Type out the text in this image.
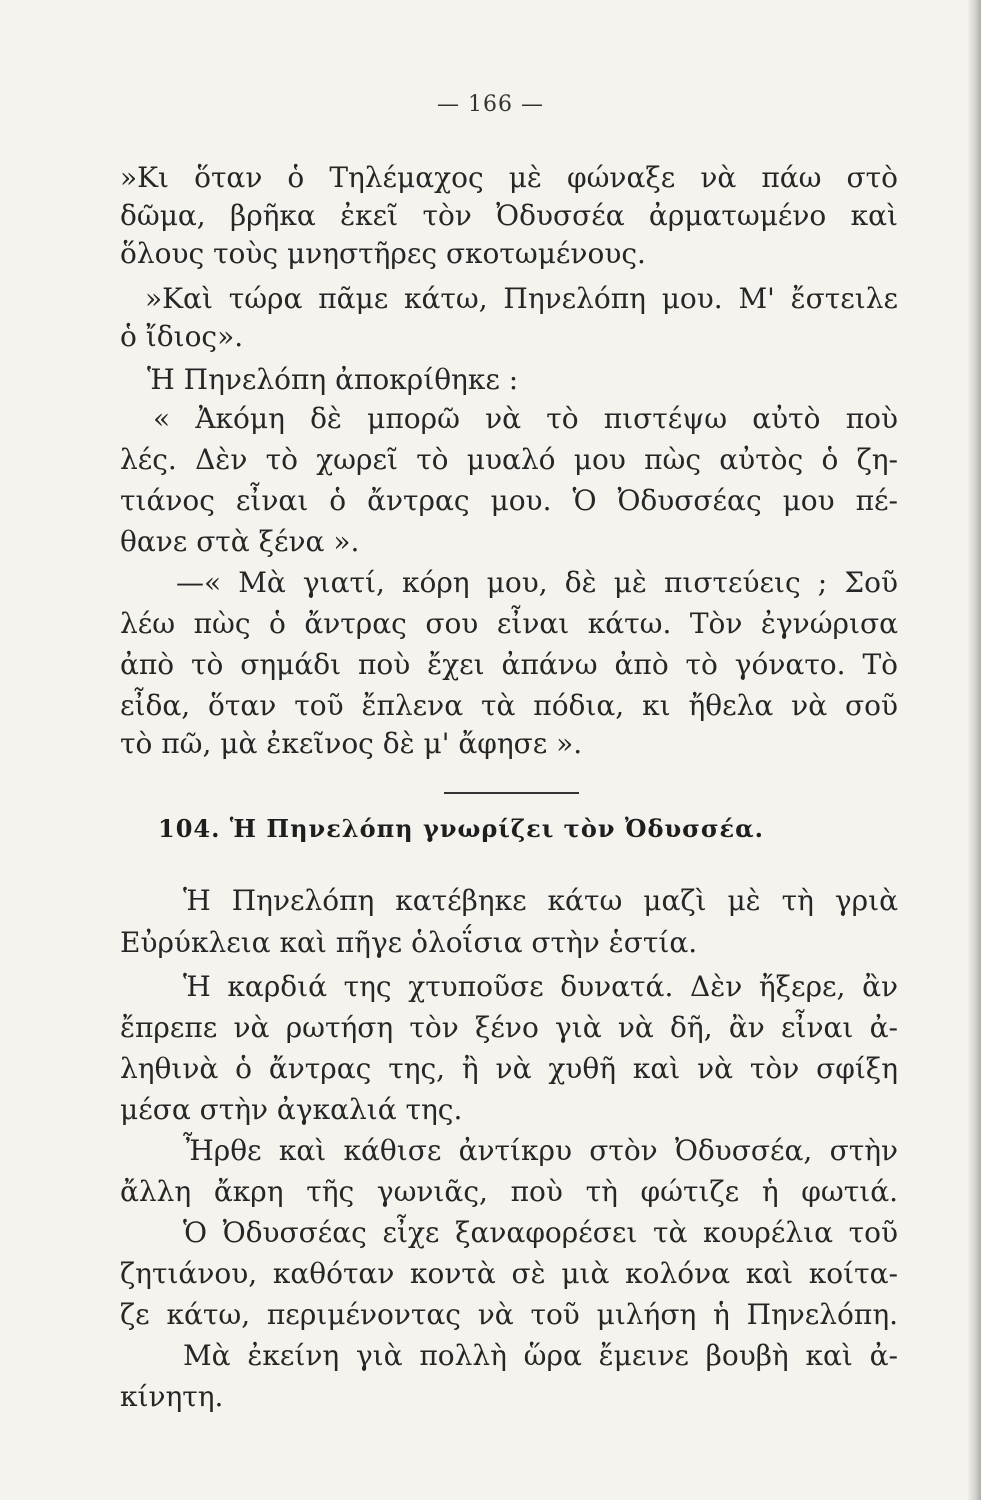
— 166 —
»Κι ὅταν ὁ Τηλέμαχος μὲ φώναξε νὰ πάω στὸ
δῶμα, βρῆκα ἐκεῖ τὸν Ὀδυσσέα ἀρματωμένο καὶ
ὅλους τοὺς μνηστῆρες σκοτωμένους.
»Καὶ τώρα πᾶμε κάτω, Πηνελόπη μου. Μ' ἔστειλε
ὁ ἴδιος».
Ἡ Πηνελόπη ἀποκρίθηκε :
« Ἀκόμη δὲ μπορῶ νὰ τὸ πιστέψω αὐτὸ ποὺ
λές. Δὲν τὸ χωρεῖ τὸ μυαλό μου πὼς αὐτὸς ὁ ζη-
τιάνος εἶναι ὁ ἄντρας μου. Ὁ Ὀδυσσέας μου πέ-
θανε στὰ ξένα ».
—« Μὰ γιατί, κόρη μου, δὲ μὲ πιστεύεις ; Σοῦ
λέω πὼς ὁ ἄντρας σου εἶναι κάτω. Τὸν ἐγνώρισα
ἀπὸ τὸ σημάδι ποὺ ἔχει ἀπάνω ἀπὸ τὸ γόνατο. Τὸ
εἶδα, ὅταν τοῦ ἔπλενα τὰ πόδια, κι ἤθελα νὰ σοῦ
τὸ πῶ, μὰ ἐκεῖνος δὲ μ' ἄφησε ».
104. Ἡ Πηνελόπη γνωρίζει τὸν Ὀδυσσέα.
Ἡ Πηνελόπη κατέβηκε κάτω μαζὶ μὲ τὴ γριὰ
Εὐρύκλεια καὶ πῆγε ὁλοΐσια στὴν ἑστία.
Ἡ καρδιά της χτυποῦσε δυνατά. Δὲν ἤξερε, ἂν
ἔπρεπε νὰ ρωτήση τὸν ξένο γιὰ νὰ δῆ, ἂν εἶναι ἀ-
ληθινὰ ὁ ἄντρας της, ἢ νὰ χυθῆ καὶ νὰ τὸν σφίξη
μέσα στὴν ἀγκαλιά της.
Ἦρθε καὶ κάθισε ἀντίκρυ στὸν Ὀδυσσέα, στὴν
ἄλλη ἄκρη τῆς γωνιᾶς, ποὺ τὴ φώτιζε ἡ φωτιά.
Ὁ Ὀδυσσέας εἶχε ξαναφορέσει τὰ κουρέλια τοῦ
ζητιάνου, καθόταν κοντὰ σὲ μιὰ κολόνα καὶ κοίτα-
ζε κάτω, περιμένοντας νὰ τοῦ μιλήση ἡ Πηνελόπη.
Μὰ ἐκείνη γιὰ πολλὴ ὥρα ἔμεινε βουβὴ καὶ ἀ-
κίνητη.
